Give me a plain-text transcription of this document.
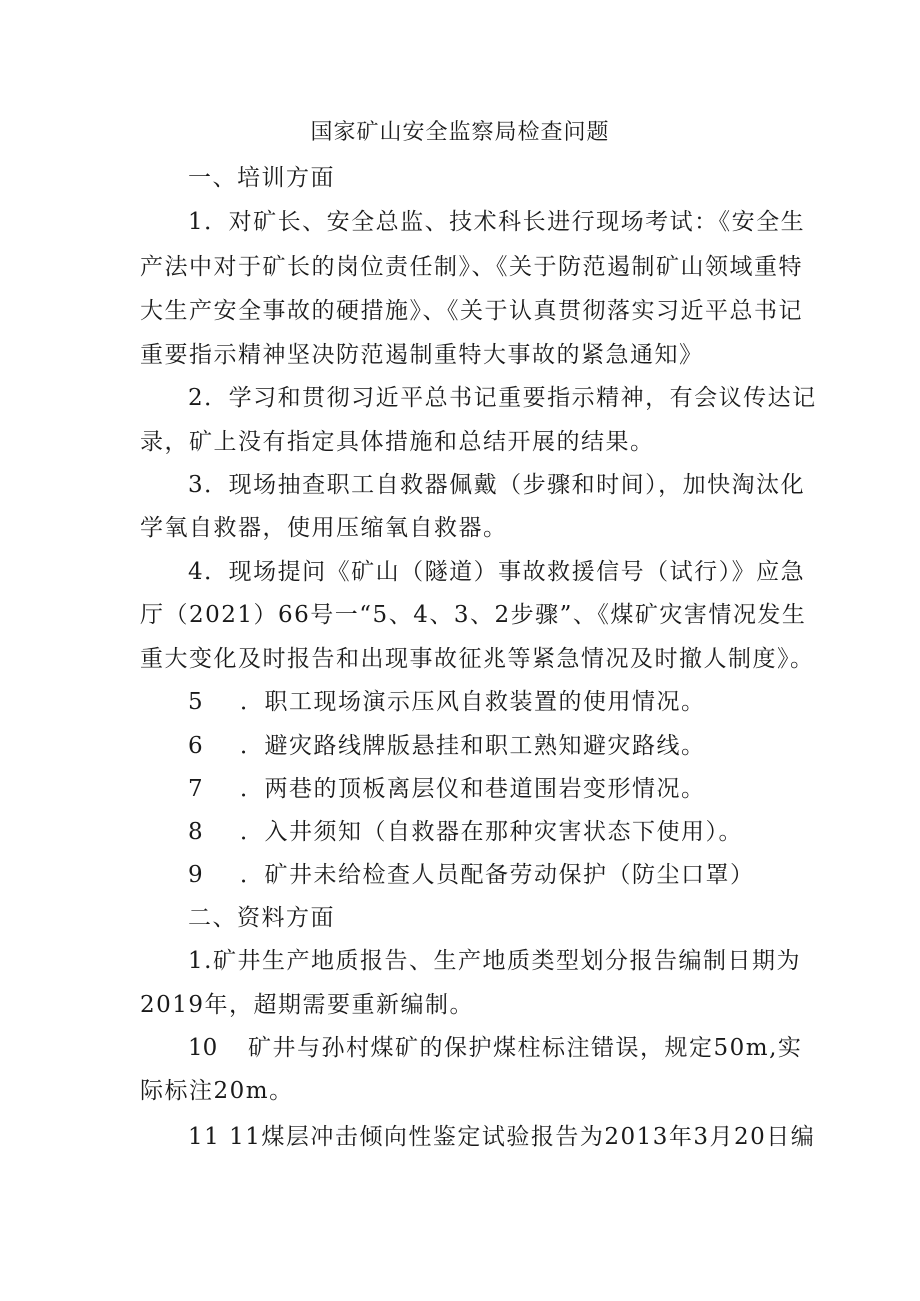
国家矿山安全监察局检查问题
一、培训方面
1．对矿长、安全总监、技术科长进行现场考试：《安全生
产法中对于矿长的岗位责任制》、《关于防范遏制矿山领域重特
大生产安全事故的硬措施》、《关于认真贯彻落实习近平总书记
重要指示精神坚决防范遏制重特大事故的紧急通知》
2．学习和贯彻习近平总书记重要指示精神，有会议传达记
录，矿上没有指定具体措施和总结开展的结果。
3．现场抽查职工自救器佩戴（步骤和时间），加快淘汰化
学氧自救器，使用压缩氧自救器。
4．现场提问《矿山（隧道）事故救援信号（试行）》应急
厅（2021）66号一“5、4、3、2步骤”、《煤矿灾害情况发生
重大变化及时报告和出现事故征兆等紧急情况及时撤人制度》。
5 ．职工现场演示压风自救装置的使用情况。
6 ．避灾路线牌版悬挂和职工熟知避灾路线。
7 ．两巷的顶板离层仪和巷道围岩变形情况。
8 ．入井须知（自救器在那种灾害状态下使用）。
9 ．矿井未给检查人员配备劳动保护（防尘口罩）
二、资料方面
1.矿井生产地质报告、生产地质类型划分报告编制日期为
2019年，超期需要重新编制。
10 矿井与孙村煤矿的保护煤柱标注错误，规定50m,实
际标注20m。
11 11煤层冲击倾向性鉴定试验报告为2013年3月20日编
